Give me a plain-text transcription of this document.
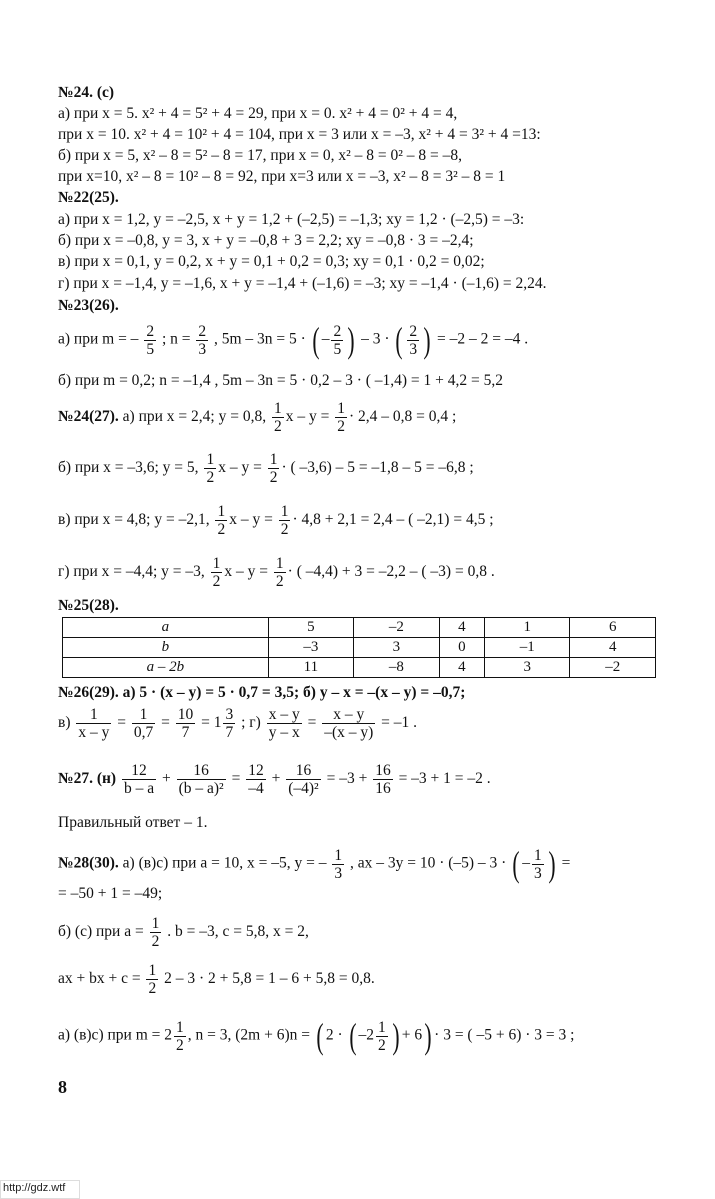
№24. (с)
а) при x = 5. x² + 4 = 5² + 4 = 29, при x = 0. x² + 4 = 0² + 4 = 4,
при x = 10. x² + 4 = 10² + 4 = 104, при x = 3 или x = –3, x² + 4 = 3² + 4 =13:
б) при x = 5, x² – 8 = 5² – 8 = 17, при x = 0, x² – 8 = 0² – 8 = –8,
при x=10, x² – 8 = 10² – 8 = 92, при x=3 или x = –3, x² – 8 = 3² – 8 = 1
№22(25).
а) при x = 1,2, y = –2,5, x + y = 1,2 + (–2,5) = –1,3; xy = 1,2 · (–2,5) = –3:
б) при x = –0,8, y = 3, x + y = –0,8 + 3 = 2,2; xy = –0,8 · 3 = –2,4;
в) при x = 0,1, y = 0,2, x + y = 0,1 + 0,2 = 0,3; xy = 0,1 · 0,2 = 0,02;
г) при x = –1,4, y = –1,6, x + y = –1,4 + (–1,6) = –3; xy = –1,4 · (–1,6) = 2,24.
№23(26).
а) при m = – $\frac{2}{5}$ ; $n = \frac{2}{3}$ , 5m – 3n = 5 · ( – $\frac{2}{5}$ ) – 3 · ( $\frac{2}{3}$ ) = –2 – 2 = –4 .
б) при m = 0,2; n = –1,4 , 5m – 3n = 5 · 0,2 – 3 · ( –1,4) = 1 + 4,2 = 5,2
№24(27). а) при x = 2,4; y = 0,8, $\frac{1}{2}$ $x - y = \frac{1}{2} \cdot 2,4 - 0,8 = 0,4$ ;
б) при x = –3,6; y = 5, $\frac{1}{2}$ $x - y = \frac{1}{2}$ · ( –3,6) – 5 = –1,8 – 5 = –6,8 ;
в) при x = 4,8; y = –2,1, $\frac{1}{2}$ $x - y = \frac{1}{2} \cdot 4,8 + 2,1 = 2,4$ – ( –2,1) = 4,5 ;
г) при x = –4,4; y = –3, $\frac{1}{2}$ $x - y = \frac{1}{2}$ · ( –4,4) + 3 = –2,2 – ( –3) = 0,8 .
№25(28).
a	5	–2	4	1	6
b	–3	3	0	–1	4
a – 2b	11	–8	4	3	–2
№26(29). а) 5 · (x – y) = 5 · 0,7 = 3,5; б) y – x = –(x – y) = –0,7;
$в) \frac{1}{x - y} = \frac{1}{0,7} = \frac{10}{7} = 1 \frac{3}{7}$ ; $г) \frac{x - y}{y - x} = \frac{x - y}{-(x - y)} = -1$ .
№27. $(н) \frac{12}{b - a} + \frac{16}{\text{(b – a)²}} = \frac{12}{-4} + \frac{16}{\text{(–4)²}} = -3 + \frac{16}{16} = -3 + 1 = -2$ .
Правильный ответ – 1.
№28(30). а) (в)с) при a = 10, x = –5, y = – $\frac{1}{3}$ , ax – 3y = 10 · (–5) – 3 · ( – $\frac{1}{3}$ ) =
= –50 + 1 = –49;
б) (с) при $a = \frac{1}{2}$ . b = –3, c = 5,8, x = 2,
ax + bx + $c = \frac{1}{2} 2 - 3 \cdot 2 + 5,8 = 1 - 6 + 5,8 = 0,8$.
а) (в)с) при $m = 2 \frac{1}{2}$ , n = 3, (2m + 6)n = ( 2 · ( $-2 \frac{1}{2}$ ) + 6) · 3 = ( –5 + 6) · 3 = 3 ;
8
http://gdz.wtf
